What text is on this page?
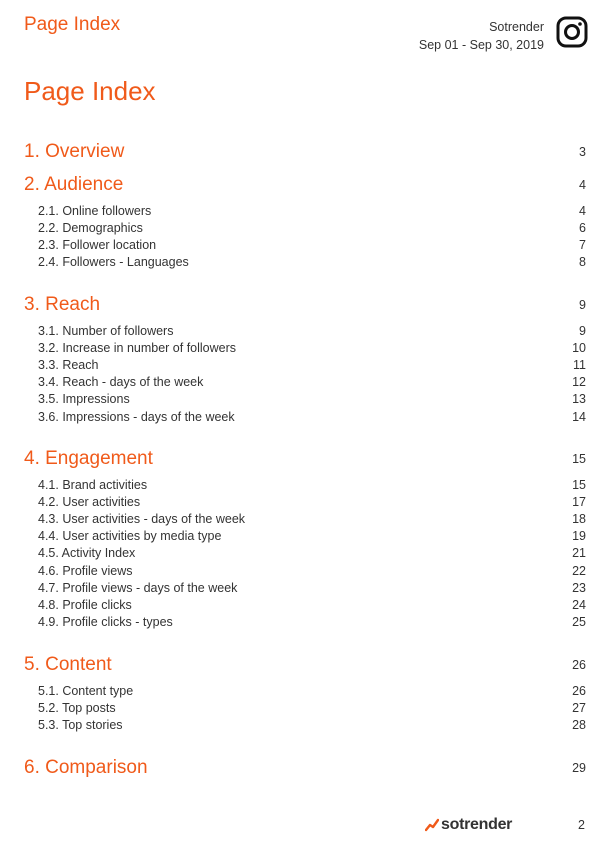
Page Index	Sotrender
Sep 01 - Sep 30, 2019
Page Index
1. Overview	3
2. Audience	4
2.1. Online followers	4
2.2. Demographics	6
2.3. Follower location	7
2.4. Followers - Languages	8
3. Reach	9
3.1. Number of followers	9
3.2. Increase in number of followers	10
3.3. Reach	11
3.4. Reach - days of the week	12
3.5. Impressions	13
3.6. Impressions - days of the week	14
4. Engagement	15
4.1. Brand activities	15
4.2. User activities	17
4.3. User activities - days of the week	18
4.4. User activities by media type	19
4.5. Activity Index	21
4.6. Profile views	22
4.7. Profile views - days of the week	23
4.8. Profile clicks	24
4.9. Profile clicks - types	25
5. Content	26
5.1. Content type	26
5.2. Top posts	27
5.3. Top stories	28
6. Comparison	29
sotrender	2
